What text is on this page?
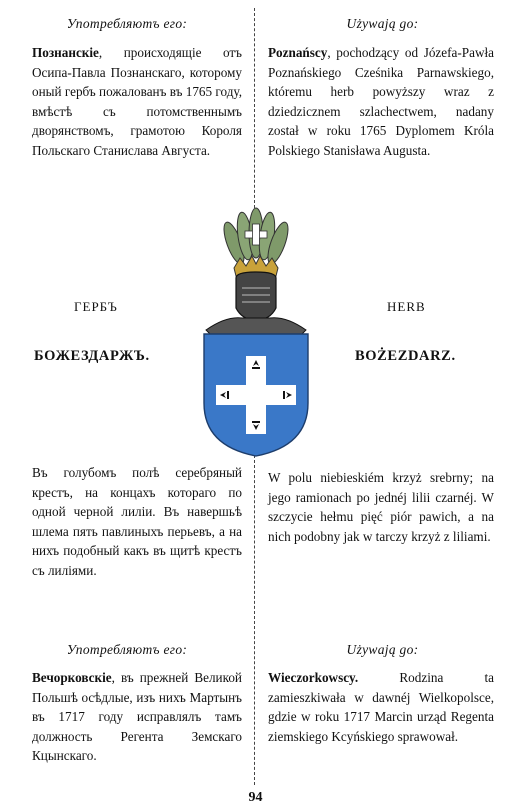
Употребляютъ его:	Używają go:

Познанскіе, происходящіе отъ Осипа-Павла Познанскаго, которому оный гербъ пожалованъ въ 1765 году, вмѣстѣ съ потомственнымъ дворянствомъ, грамотою Короля Польскаго Станислава Августа.

Poznańscy, pochodzący od Józefa-Pawła Poznańskiego Cześnika Parnawskiego, któremu herb powyższy wraz z dziedzicznem szlachectwem, nadany został w roku 1765 Dyplomem Króla Polskiego Stanisława Augusta.

ГЕРБЪ	HERB
БОЖЕЗДАРЖЪ.	BOŻEZDARZ.

Въ голубомъ полѣ серебряный крестъ, на концахъ котораго по одной черной лиліи. Въ навершьѣ шлема пять павлиныхъ перьевъ, а на нихъ подобный какъ въ щитѣ крестъ съ лиліями.

W polu niebieskiém krzyż srebrny; na jego ramionach po jednéj lilii czarnéj. W szczycie hełmu pięć piór pawich, a na nich podobny jak w tarczy krzyż z liliami.

Употребляютъ его:	Używają go:

Вечорковскіе, въ прежней Великой Польшѣ осѣдлые, изъ нихъ Мартынъ въ 1717 году исправлялъ тамъ должность Регента Земскаго Кцынскаго.

Wieczorkowscy. Rodzina ta zamieszkiwała w dawnéj Wielkopolsce, gdzie w roku 1717 Marcin urząd Regenta ziemskiego Kcyńskiego sprawował.

94
